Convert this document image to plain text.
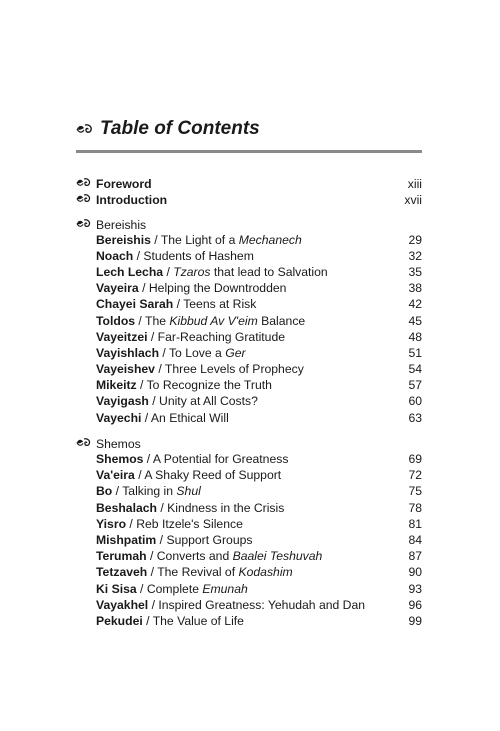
Table of Contents
Foreword	xiii
Introduction	xvii
Bereishis
Bereishis / The Light of a Mechanech	29
Noach / Students of Hashem	32
Lech Lecha / Tzaros that lead to Salvation	35
Vayeira / Helping the Downtrodden	38
Chayei Sarah / Teens at Risk	42
Toldos / The Kibbud Av V'eim Balance	45
Vayeitzei / Far-Reaching Gratitude	48
Vayishlach / To Love a Ger	51
Vayeishev / Three Levels of Prophecy	54
Mikeitz / To Recognize the Truth	57
Vayigash / Unity at All Costs?	60
Vayechi / An Ethical Will	63
Shemos
Shemos / A Potential for Greatness	69
Va'eira / A Shaky Reed of Support	72
Bo / Talking in Shul	75
Beshalach / Kindness in the Crisis	78
Yisro / Reb Itzele's Silence	81
Mishpatim / Support Groups	84
Terumah / Converts and Baalei Teshuvah	87
Tetzaveh / The Revival of Kodashim	90
Ki Sisa / Complete Emunah	93
Vayakhel / Inspired Greatness: Yehudah and Dan	96
Pekudei / The Value of Life	99
